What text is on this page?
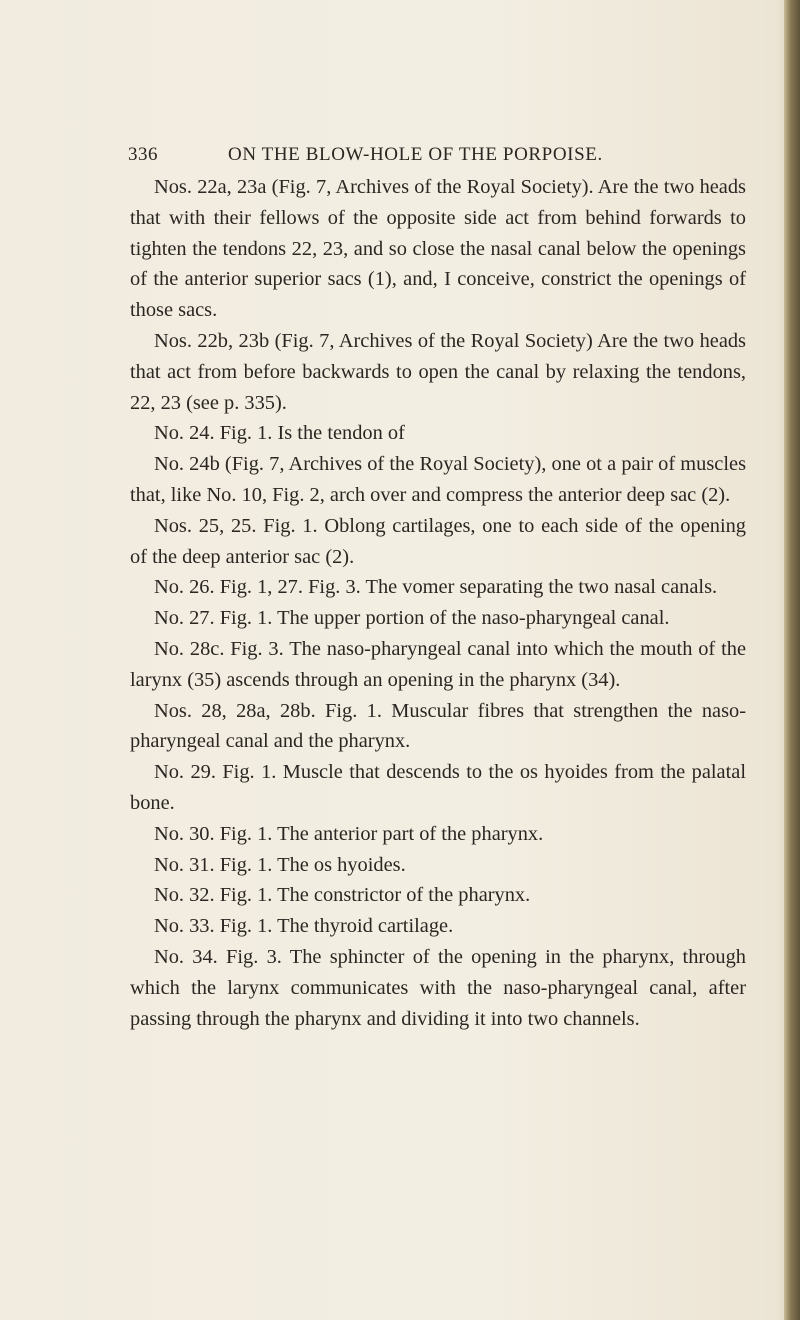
336	ON THE BLOW-HOLE OF THE PORPOISE.

Nos. 22a, 23a (Fig. 7, Archives of the Royal Society). Are the two heads that with their fellows of the opposite side act from behind forwards to tighten the tendons 22, 23, and so close the nasal canal below the openings of the anterior superior sacs (1), and, I conceive, constrict the openings of those sacs.

Nos. 22b, 23b (Fig. 7, Archives of the Royal Society) Are the two heads that act from before backwards to open the canal by relaxing the tendons, 22, 23 (see p. 335).

No. 24. Fig. 1. Is the tendon of

No. 24b (Fig. 7, Archives of the Royal Society), one ot a pair of muscles that, like No. 10, Fig. 2, arch over and compress the anterior deep sac (2).

Nos. 25, 25. Fig. 1. Oblong cartilages, one to each side of the opening of the deep anterior sac (2).

No. 26. Fig. 1, 27. Fig. 3. The vomer separating the two nasal canals.

No. 27. Fig. 1. The upper portion of the naso-pharyngeal canal.

No. 28c. Fig. 3. The naso-pharyngeal canal into which the mouth of the larynx (35) ascends through an opening in the pharynx (34).

Nos. 28, 28a, 28b. Fig. 1. Muscular fibres that strengthen the naso-pharyngeal canal and the pharynx.

No. 29. Fig. 1. Muscle that descends to the os hyoides from the palatal bone.

No. 30. Fig. 1. The anterior part of the pharynx.

No. 31. Fig. 1. The os hyoides.

No. 32. Fig. 1. The constrictor of the pharynx.

No. 33. Fig. 1. The thyroid cartilage.

No. 34. Fig. 3. The sphincter of the opening in the pharynx, through which the larynx communicates with the naso-pharyngeal canal, after passing through the pharynx and dividing it into two channels.
